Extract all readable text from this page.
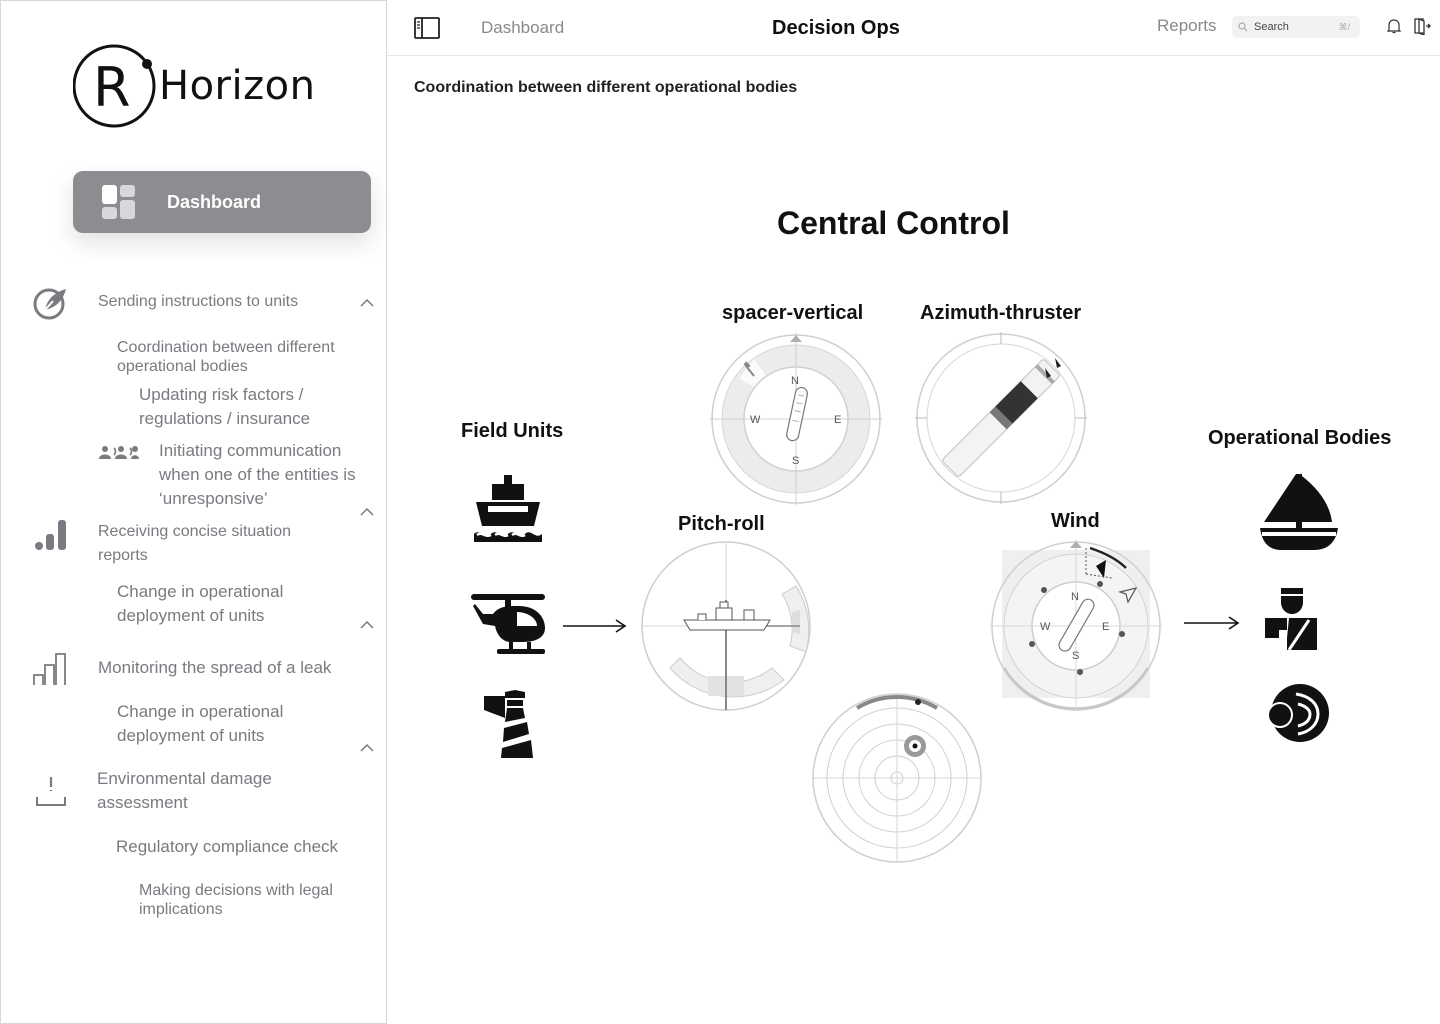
R Horizon
Dashboard
Sending instructions to units
Coordination between different operational bodies
Updating risk factors / regulations / insurance
Initiating communication when one of the entities is ‘unresponsive’
Receiving concise situation reports
Change in operational deployment of units
Monitoring the spread of a leak
Change in operational deployment of units
Environmental damage assessment
Regulatory compliance check
Making decisions with legal implications
Dashboard	Decision Ops	Reports	Search	⌘/
Coordination between different operational bodies
Central Control
Field Units	Operational Bodies
spacer-vertical	Azimuth-thruster
Pitch-roll	Wind
N
E
S
W
N
E
S
W
